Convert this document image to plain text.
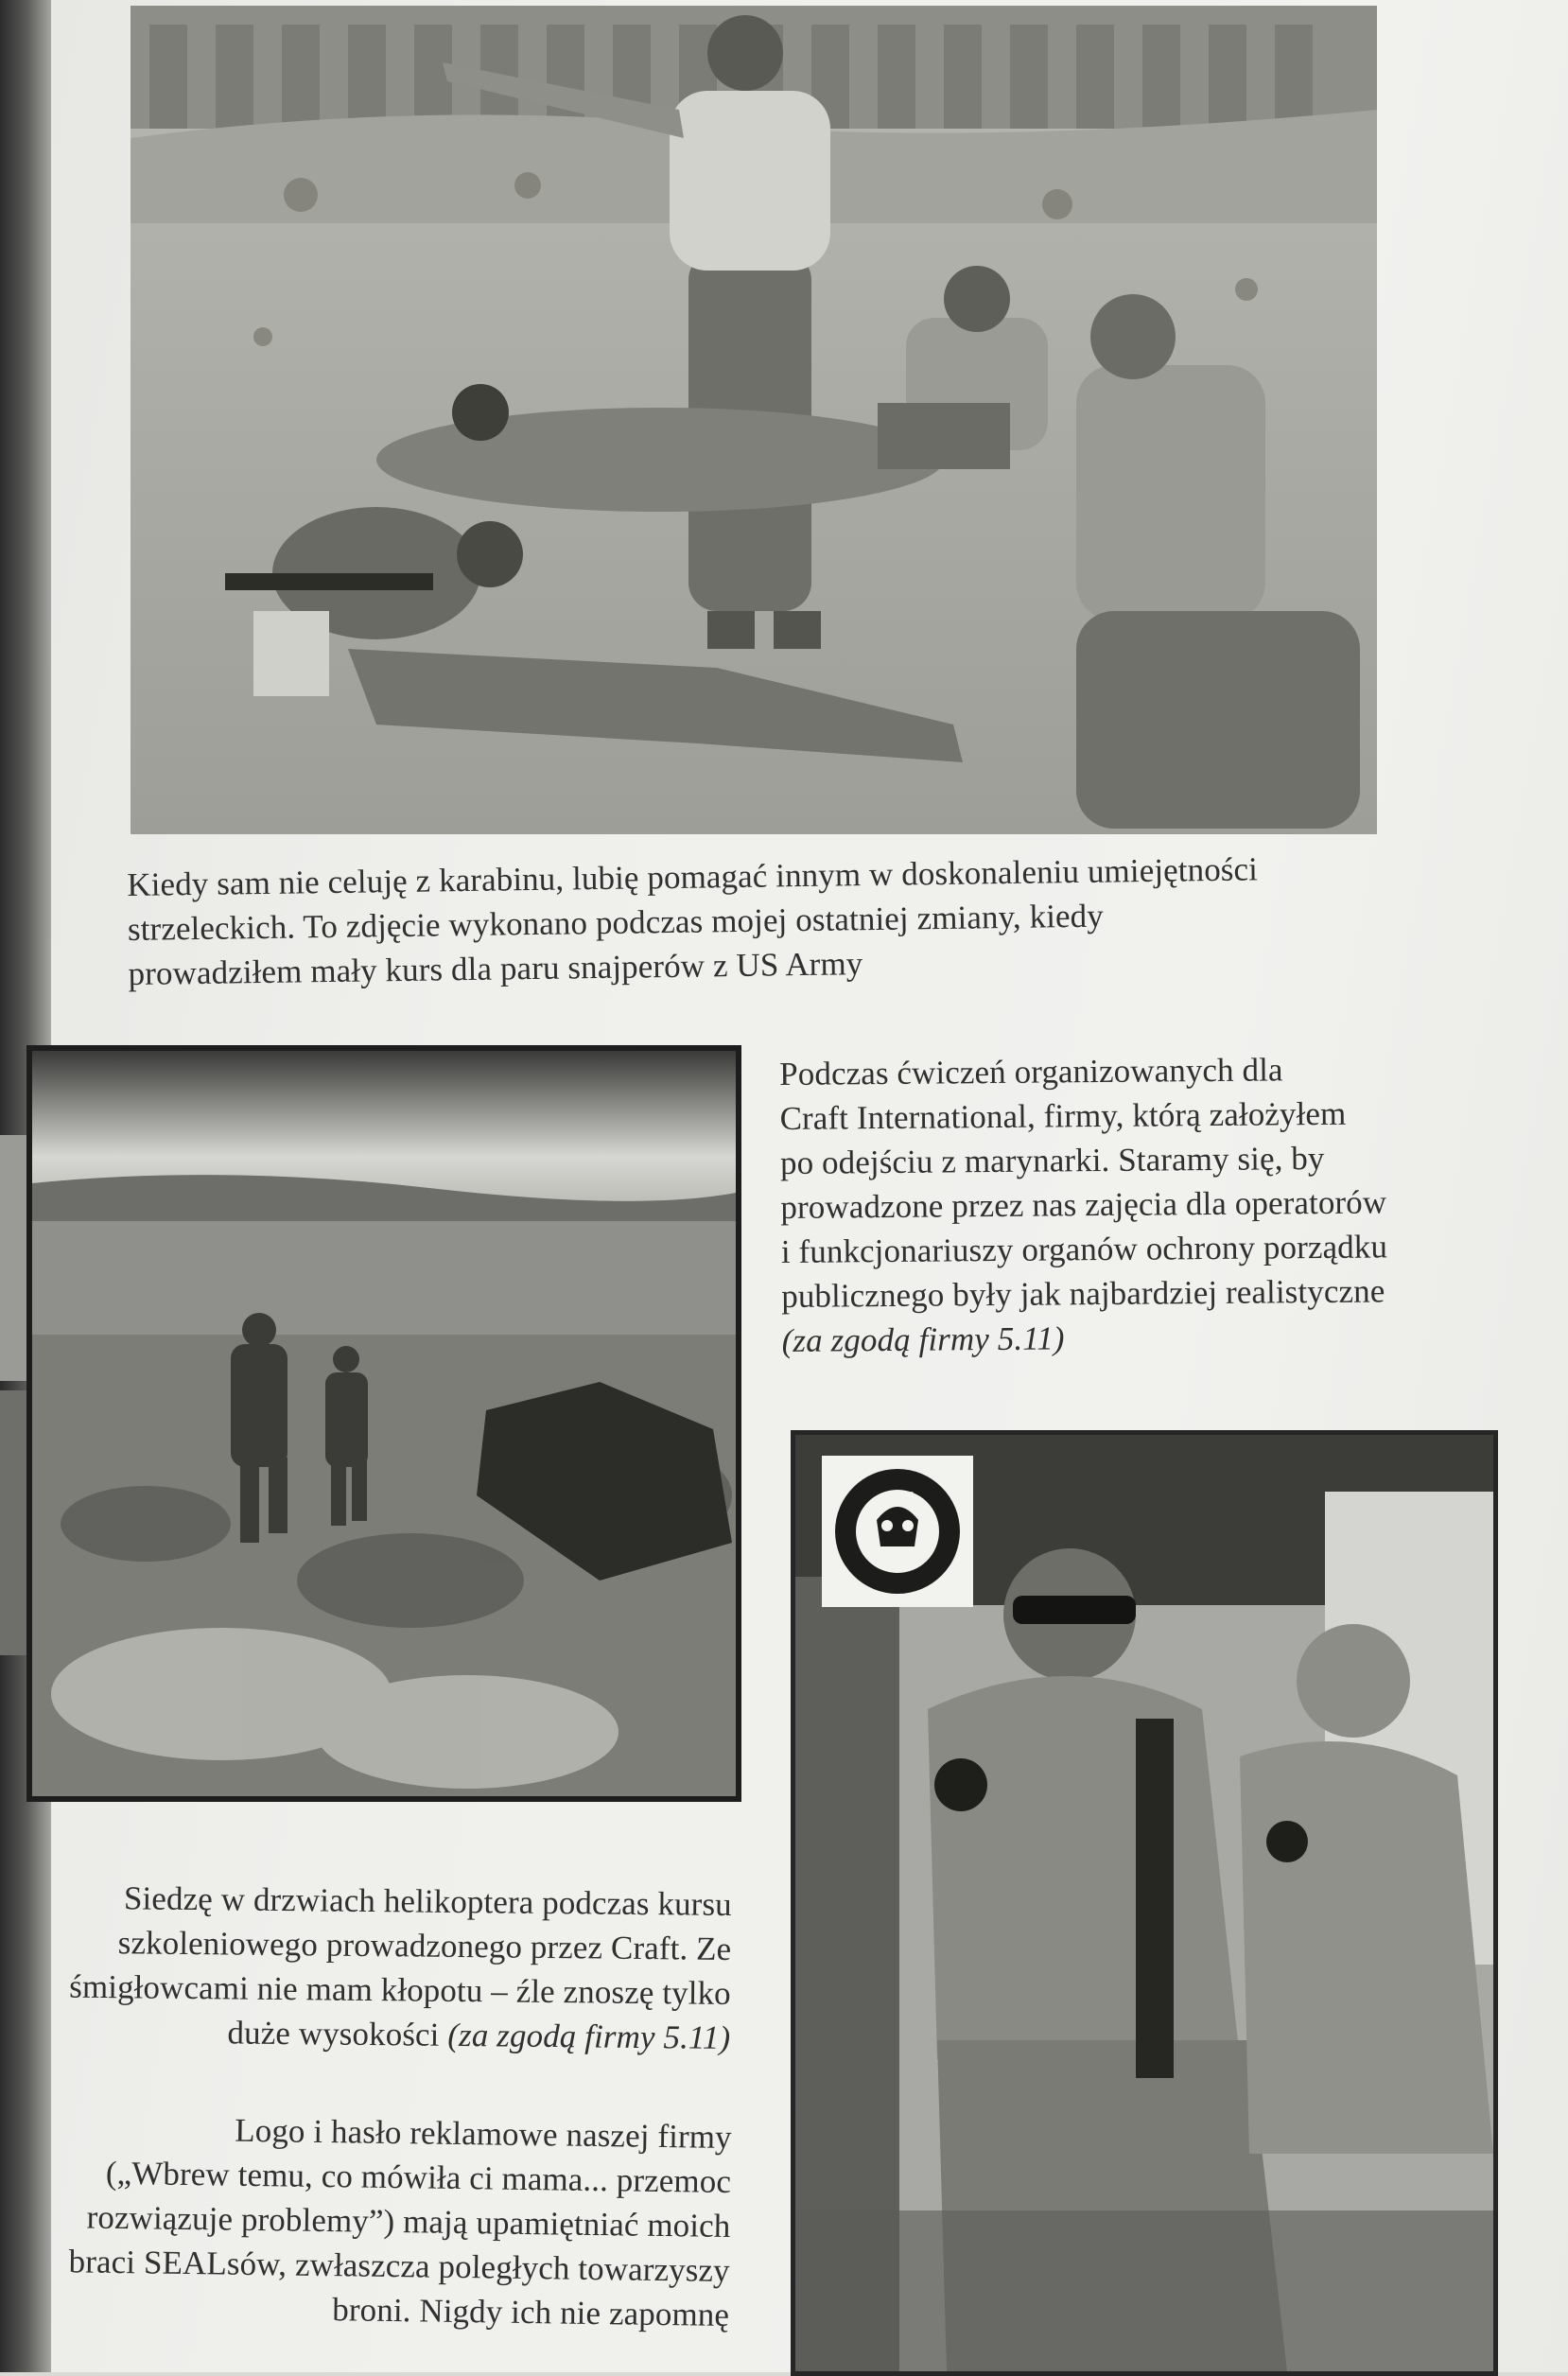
Kiedy sam nie celuję z karabinu, lubię pomagać innym w doskonaleniu umiejętności

strzeleckich. To zdjęcie wykonano podczas mojej ostatniej zmiany, kiedy

prowadziłem mały kurs dla paru snajperów z US Army

Podczas ćwiczeń organizowanych dla

Craft International, firmy, którą założyłem

po odejściu z marynarki. Staramy się, by

prowadzone przez nas zajęcia dla operatorów

i funkcjonariuszy organów ochrony porządku

publicznego były jak najbardziej realistyczne

(za zgodą firmy 5.11)

Craft

Siedzę w drzwiach helikoptera podczas kursu

szkoleniowego prowadzonego przez Craft. Ze

śmigłowcami nie mam kłopotu – źle znoszę tylko

duże wysokości (za zgodą firmy 5.11)

Logo i hasło reklamowe naszej firmy

(„Wbrew temu, co mówiła ci mama... przemoc

rozwiązuje problemy”) mają upamiętniać moich

braci SEALsów, zwłaszcza poległych towarzyszy

broni. Nigdy ich nie zapomnę
